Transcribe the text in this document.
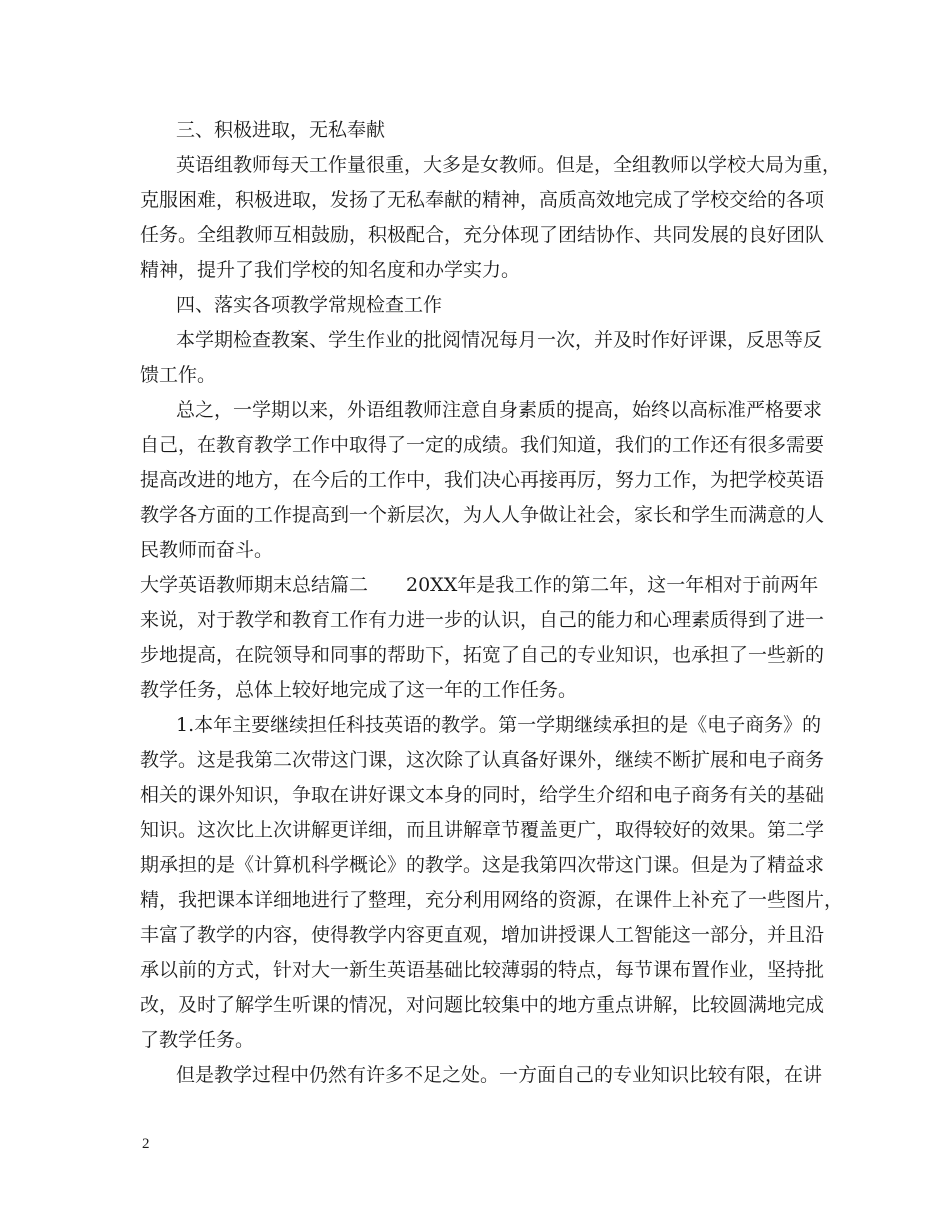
三、积极进取，无私奉献
英语组教师每天工作量很重，大多是女教师。但是，全组教师以学校大局为重，
克服困难，积极进取，发扬了无私奉献的精神，高质高效地完成了学校交给的各项
任务。全组教师互相鼓励，积极配合，充分体现了团结协作、共同发展的良好团队
精神，提升了我们学校的知名度和办学实力。
四、落实各项教学常规检查工作
本学期检查教案、学生作业的批阅情况每月一次，并及时作好评课，反思等反
馈工作。
总之，一学期以来，外语组教师注意自身素质的提高，始终以高标准严格要求
自己，在教育教学工作中取得了一定的成绩。我们知道，我们的工作还有很多需要
提高改进的地方，在今后的工作中，我们决心再接再厉，努力工作，为把学校英语
教学各方面的工作提高到一个新层次，为人人争做让社会，家长和学生而满意的人
民教师而奋斗。
大学英语教师期末总结篇二　　20XX年是我工作的第二年，这一年相对于前两年
来说，对于教学和教育工作有力进一步的认识，自己的能力和心理素质得到了进一
步地提高，在院领导和同事的帮助下，拓宽了自己的专业知识，也承担了一些新的
教学任务，总体上较好地完成了这一年的工作任务。
1.本年主要继续担任科技英语的教学。第一学期继续承担的是《电子商务》的
教学。这是我第二次带这门课，这次除了认真备好课外，继续不断扩展和电子商务
相关的课外知识，争取在讲好课文本身的同时，给学生介绍和电子商务有关的基础
知识。这次比上次讲解更详细，而且讲解章节覆盖更广，取得较好的效果。第二学
期承担的是《计算机科学概论》的教学。这是我第四次带这门课。但是为了精益求
精，我把课本详细地进行了整理，充分利用网络的资源，在课件上补充了一些图片，
丰富了教学的内容，使得教学内容更直观，增加讲授课人工智能这一部分，并且沿
承以前的方式，针对大一新生英语基础比较薄弱的特点，每节课布置作业，坚持批
改，及时了解学生听课的情况，对问题比较集中的地方重点讲解，比较圆满地完成
了教学任务。
但是教学过程中仍然有许多不足之处。一方面自己的专业知识比较有限，在讲
2
